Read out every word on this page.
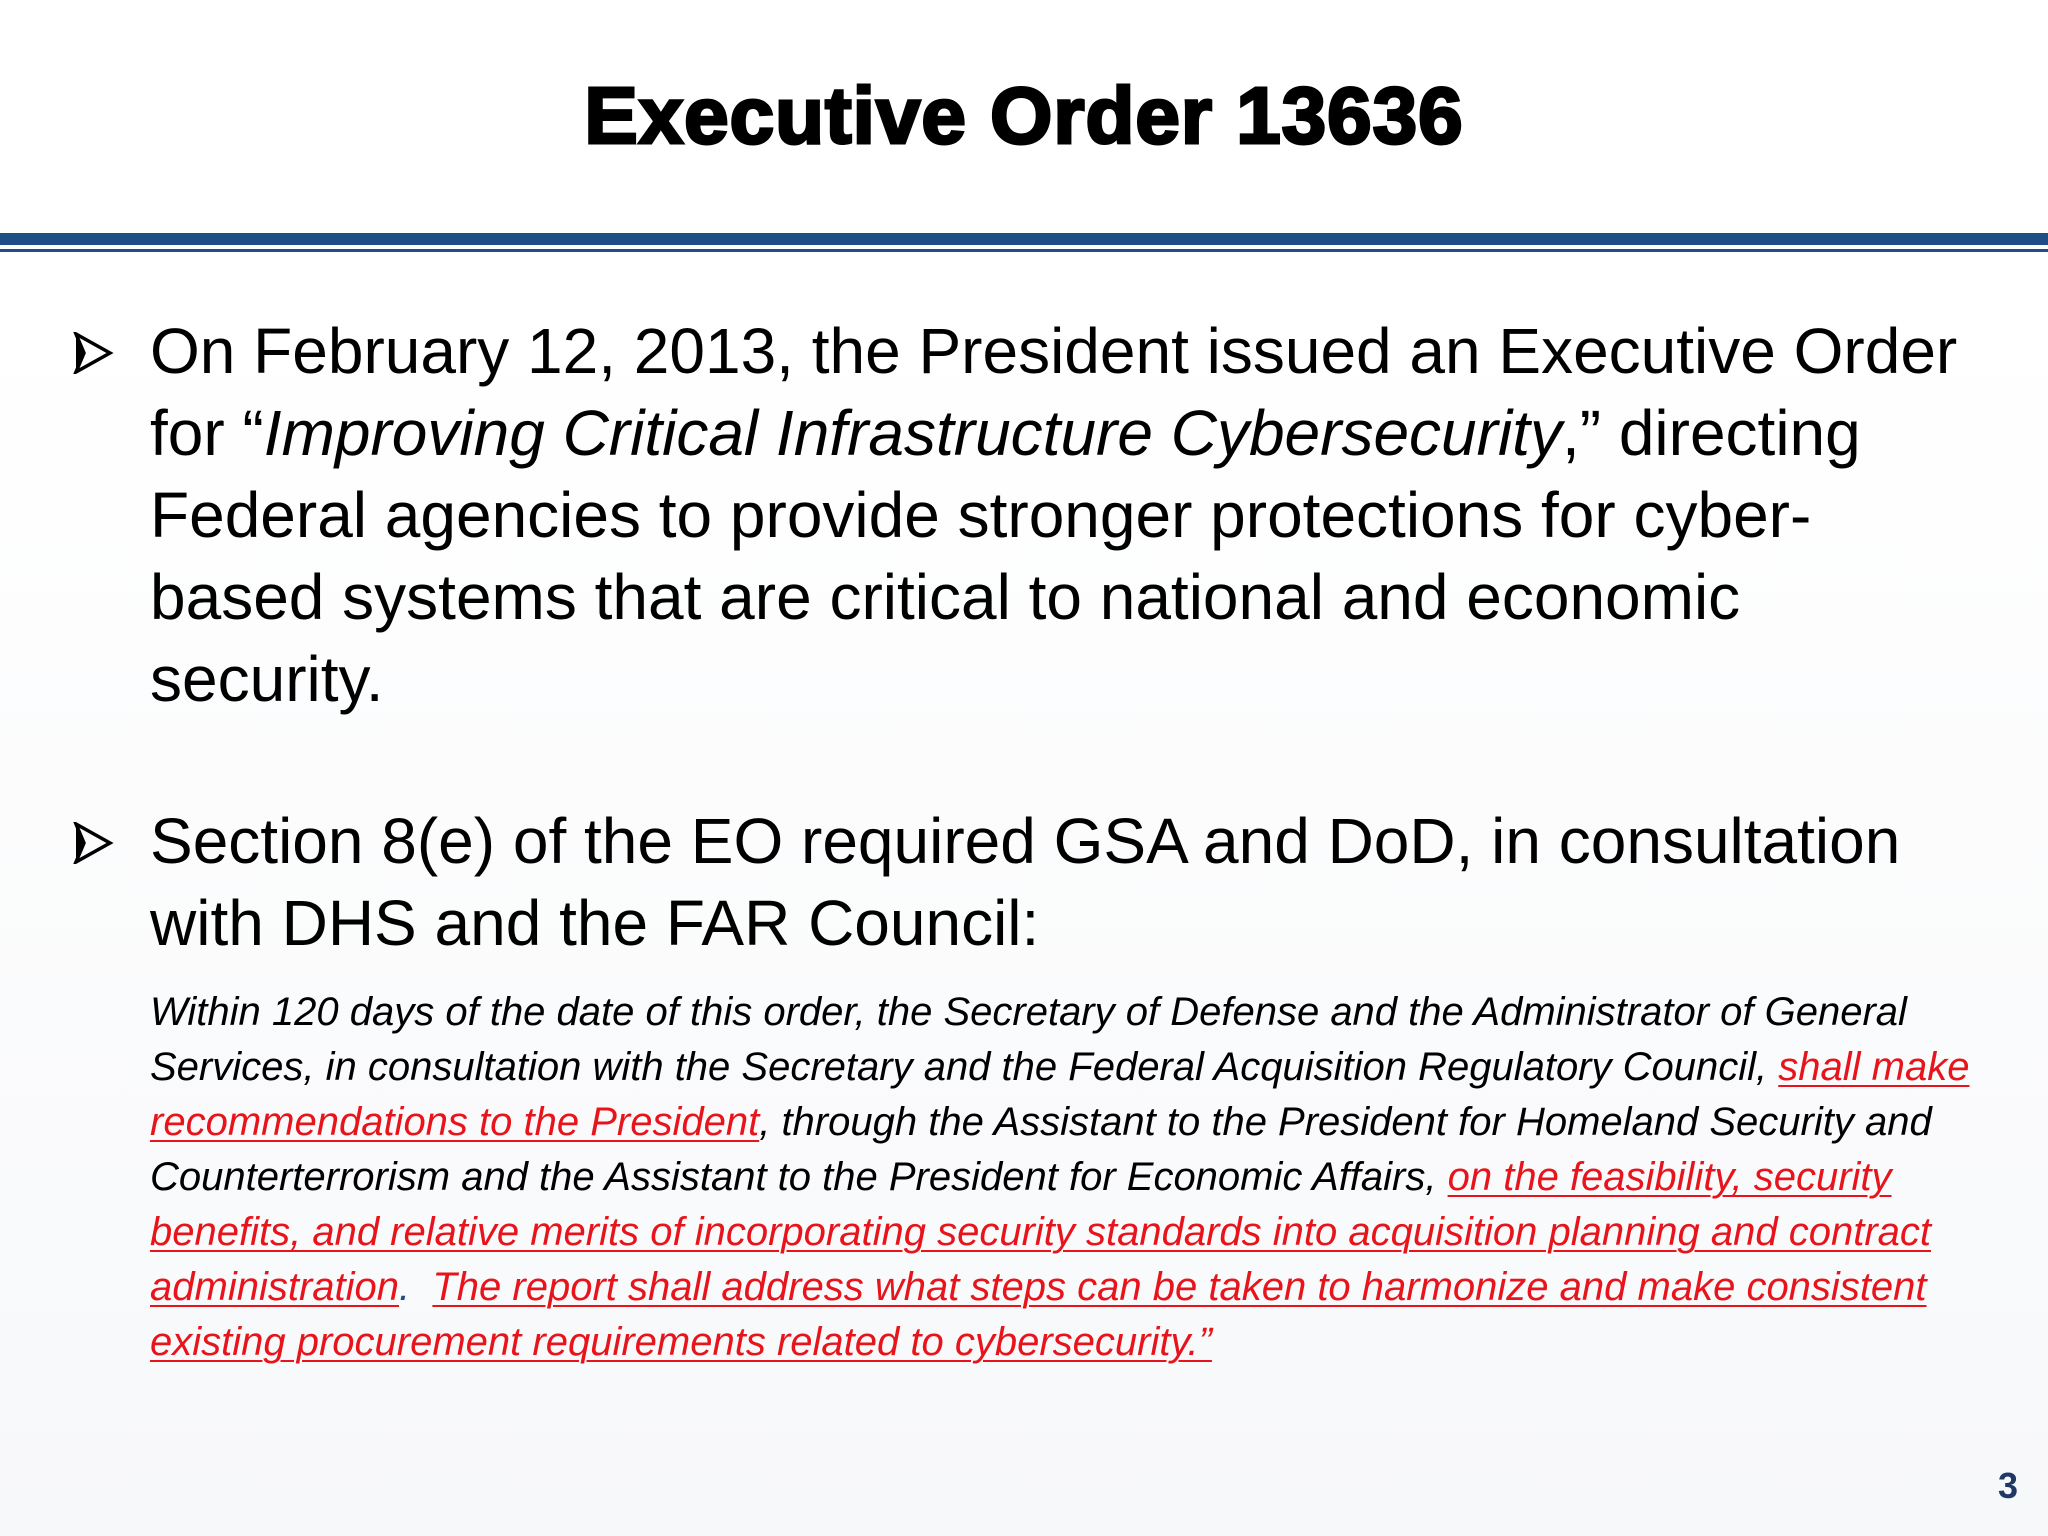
Executive Order 13636
On February 12, 2013, the President issued an Executive Order for “Improving Critical Infrastructure Cybersecurity,” directing Federal agencies to provide stronger protections for cyber-based systems that are critical to national and economic security.
Section 8(e) of the EO required GSA and DoD, in consultation with DHS and the FAR Council:
Within 120 days of the date of this order, the Secretary of Defense and the Administrator of General Services, in consultation with the Secretary and the Federal Acquisition Regulatory Council, shall make recommendations to the President, through the Assistant to the President for Homeland Security and Counterterrorism and the Assistant to the President for Economic Affairs, on the feasibility, security benefits, and relative merits of incorporating security standards into acquisition planning and contract administration. The report shall address what steps can be taken to harmonize and make consistent existing procurement requirements related to cybersecurity.”
3
